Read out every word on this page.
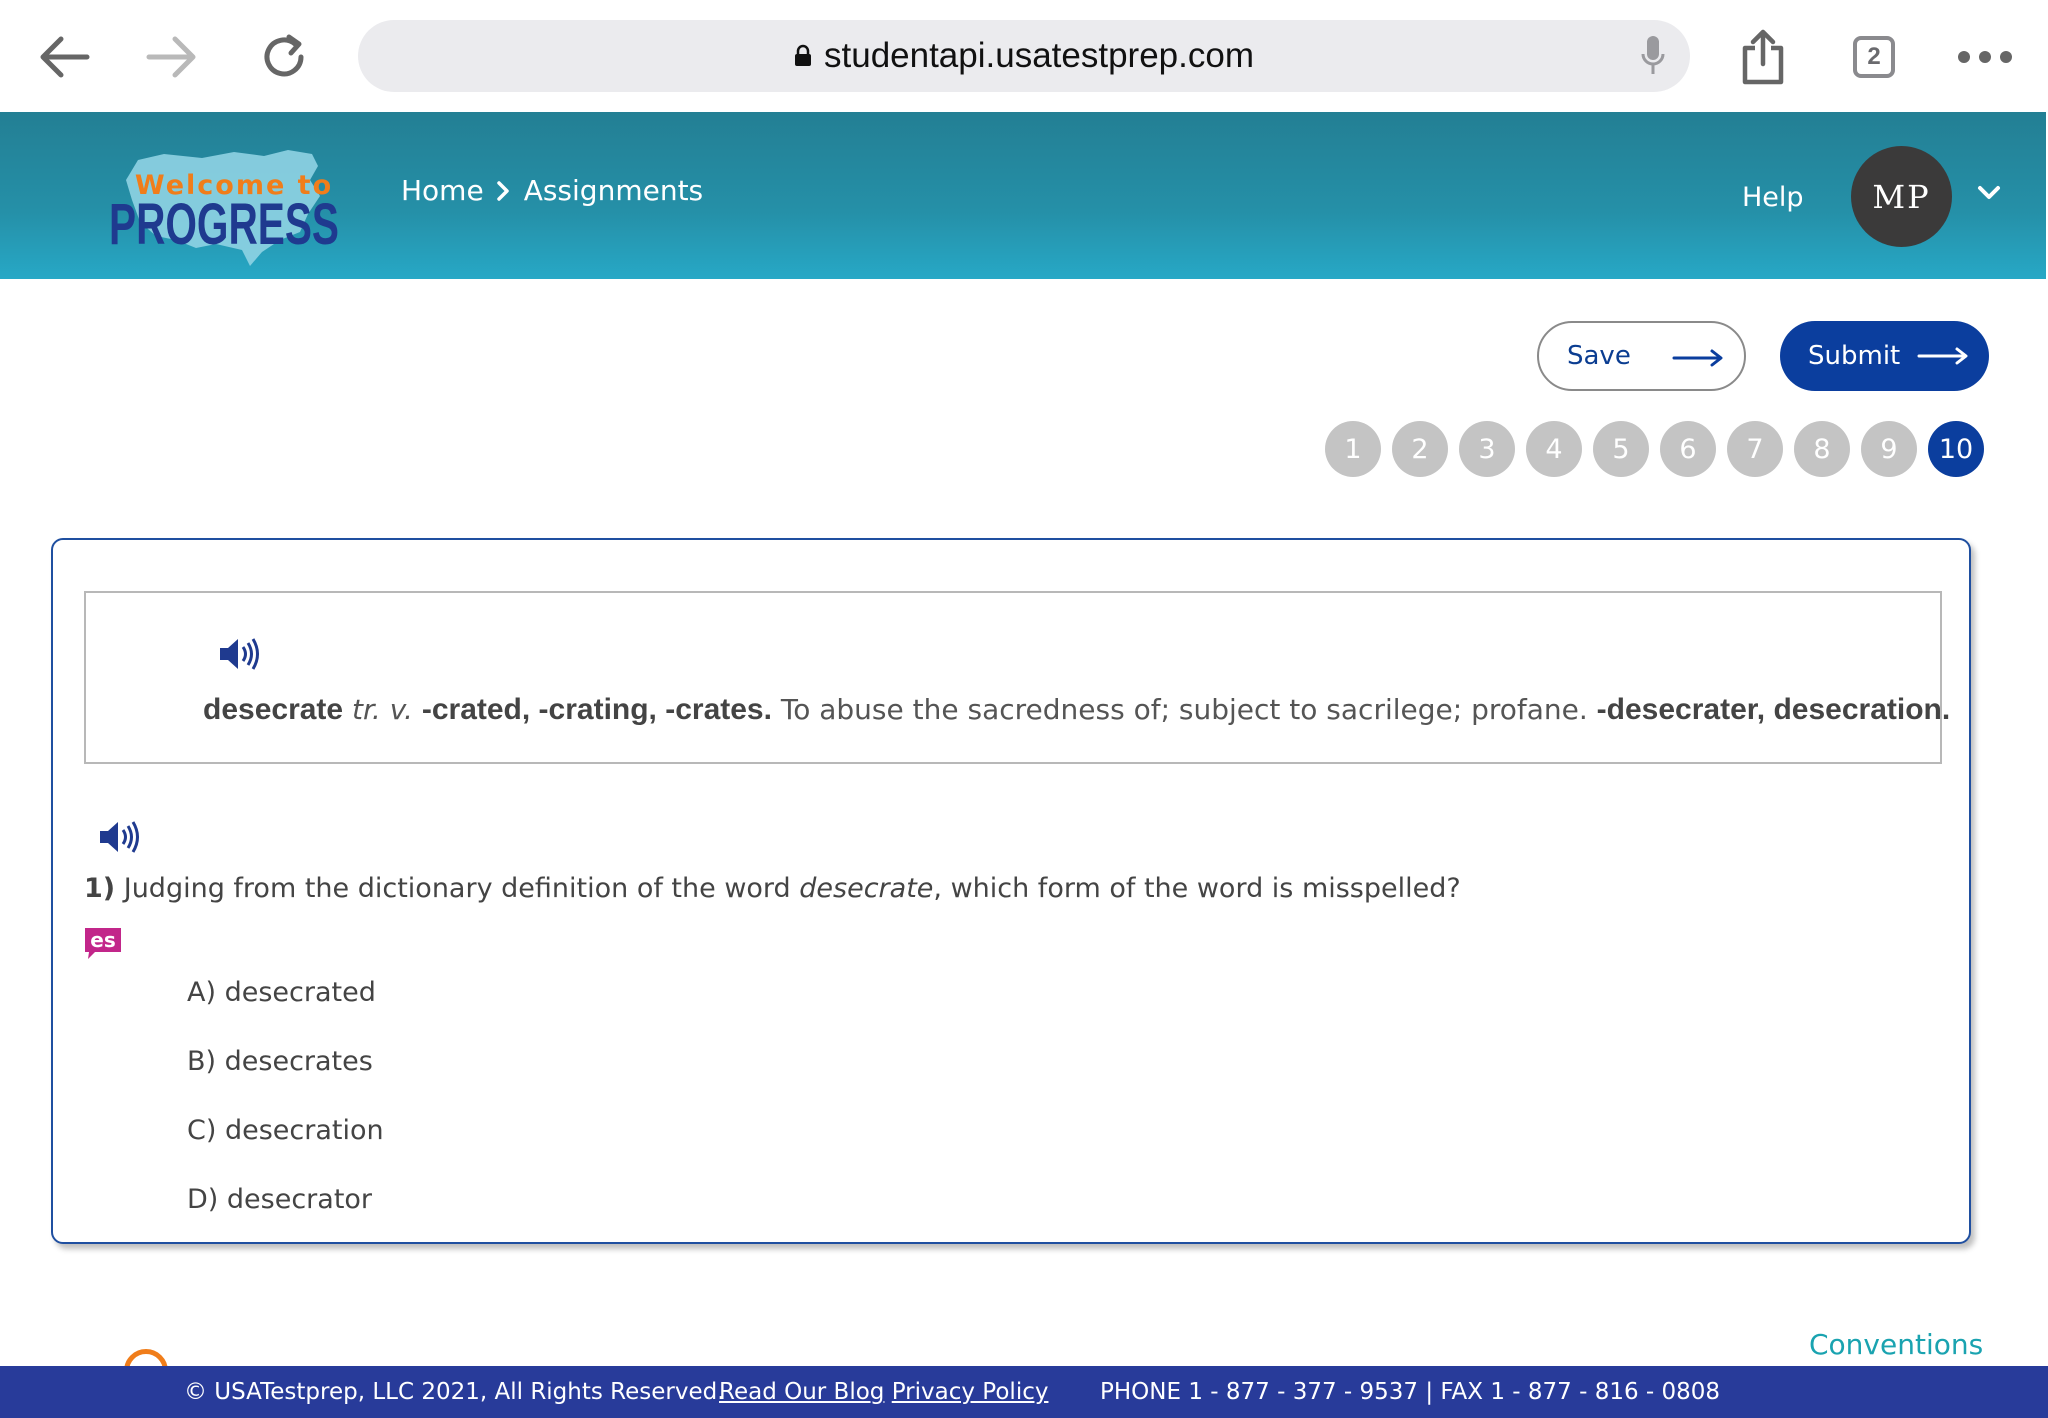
studentapi.usatestprep.com	2
Welcome to
PROGRESS
Home Assignments	Help	MP
Save	Submit
1	2	3	4	5	6	7	8	9	10
desecrate tr. v. -crated, -crating, -crates. To abuse the sacredness of; subject to sacrilege; profane. -desecrater, desecration.
1) Judging from the dictionary definition of the word desecrate, which form of the word is misspelled?
es
A) desecrated
B) desecrates
C) desecration
D) desecrator
Conventions
© USATestprep, LLC 2021, All Rights Reserved.
Read Our Blog Privacy Policy PHONE 1 - 877 - 377 - 9537 | FAX 1 - 877 - 816 - 0808
